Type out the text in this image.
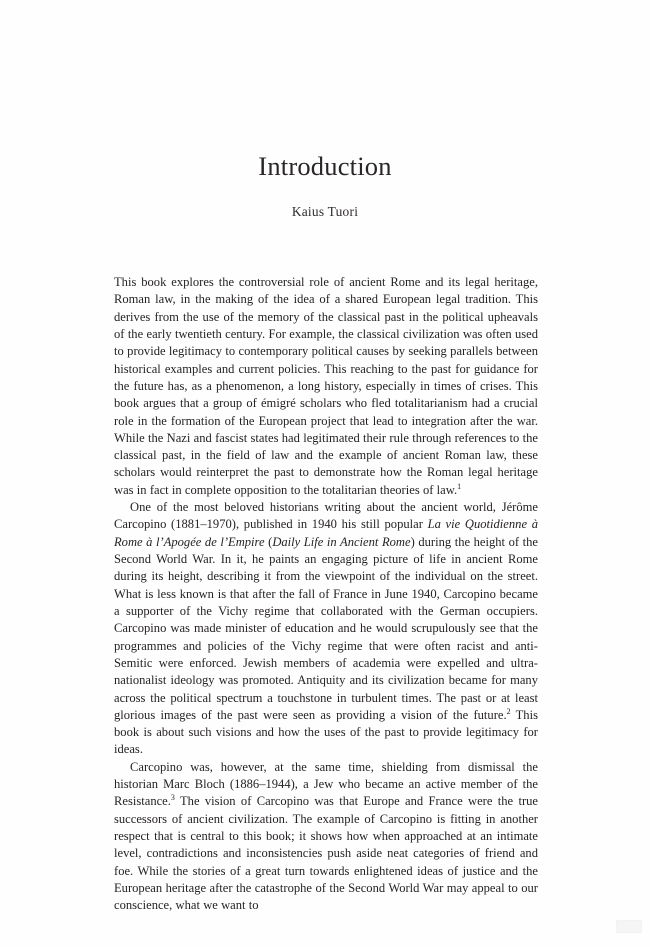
Introduction
Kaius Tuori

This book explores the controversial role of ancient Rome and its legal heritage, Roman law, in the making of the idea of a shared European legal tradition. This derives from the use of the memory of the classical past in the political upheavals of the early twentieth century. For example, the classical civilization was often used to provide legitimacy to contemporary political causes by seeking parallels between historical examples and current policies. This reaching to the past for guidance for the future has, as a phenomenon, a long history, especially in times of crises. This book argues that a group of émigré scholars who fled totalitarianism had a crucial role in the formation of the European project that lead to integration after the war. While the Nazi and fascist states had legitimated their rule through references to the classical past, in the field of law and the example of ancient Roman law, these scholars would reinterpret the past to demonstrate how the Roman legal heritage was in fact in complete opposition to the totalitarian theories of law.$^1$

One of the most beloved historians writing about the ancient world, Jérôme Carcopino (1881–1970), published in 1940 his still popular La vie Quotidienne à Rome à l’Apogée de l’Empire (Daily Life in Ancient Rome) during the height of the Second World War. In it, he paints an engaging picture of life in ancient Rome during its height, describing it from the viewpoint of the individual on the street. What is less known is that after the fall of France in June 1940, Carcopino became a supporter of the Vichy regime that collaborated with the German occupiers. Carcopino was made minister of education and he would scrupulously see that the programmes and policies of the Vichy regime that were often racist and anti-Semitic were enforced. Jewish members of academia were expelled and ultra-nationalist ideology was promoted. Antiquity and its civilization became for many across the political spectrum a touchstone in turbulent times. The past or at least glorious images of the past were seen as providing a vision of the future.$^2$ This book is about such visions and how the uses of the past to provide legitimacy for ideas.

Carcopino was, however, at the same time, shielding from dismissal the historian Marc Bloch (1886–1944), a Jew who became an active member of the Resistance.$^3$ The vision of Carcopino was that Europe and France were the true successors of ancient civilization. The example of Carcopino is fitting in another respect that is central to this book; it shows how when approached at an intimate level, contradictions and inconsistencies push aside neat categories of friend and foe. While the stories of a great turn towards enlightened ideas of justice and the European heritage after the catastrophe of the Second World War may appeal to our conscience, what we want to
